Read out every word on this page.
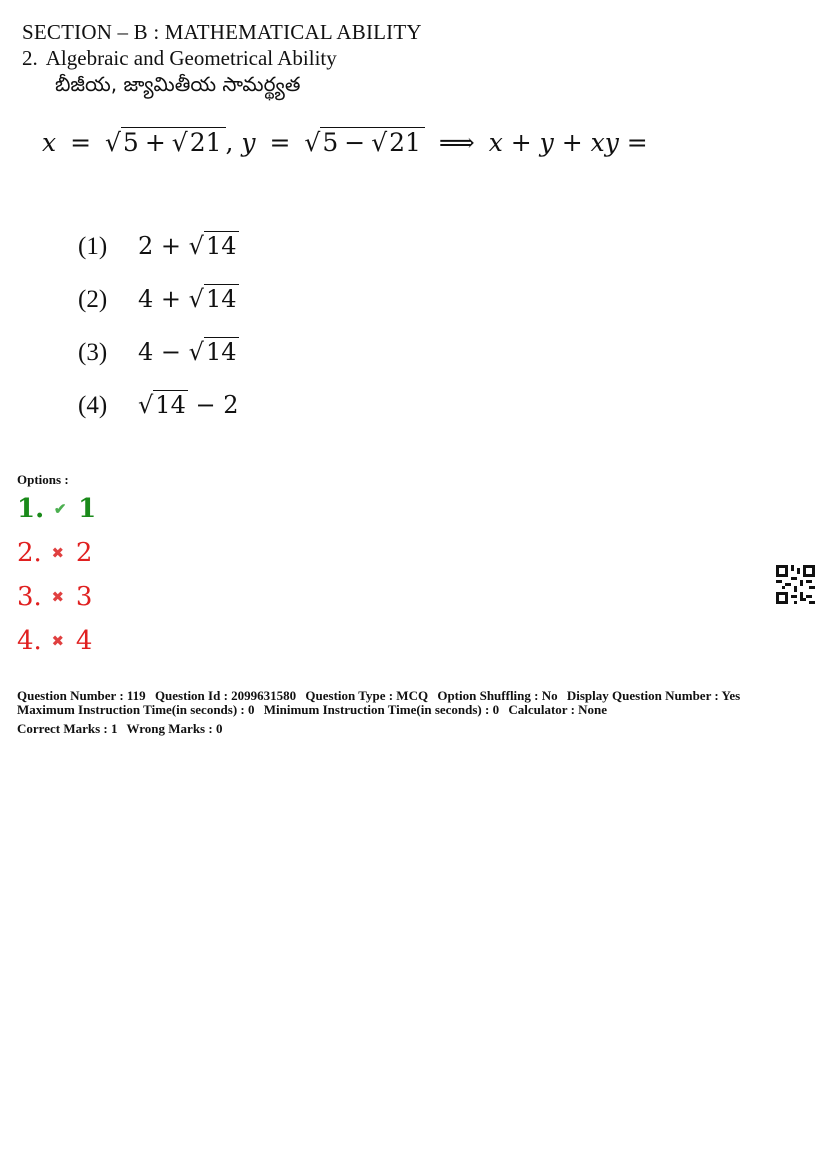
SECTION – B : MATHEMATICAL ABILITY
2. Algebraic and Geometrical Ability
బీజీయ, జ్యామితీయ సామర్థ్యత
x = √5 + √21 , y = √5 − √21 ⟹ x + y + xy =
(1) 2 + √14
(2) 4 + √14
(3) 4 − √14
(4) √14 − 2
Options :
1. ✔ 1
2. ✖ 2
3. ✖ 3
4. ✖ 4
Question Number : 119 Question Id : 2099631580 Question Type : MCQ Option Shuffling : No Display Question Number : Yes
Maximum Instruction Time(in seconds) : 0 Minimum Instruction Time(in seconds) : 0 Calculator : None
Correct Marks : 1 Wrong Marks : 0
